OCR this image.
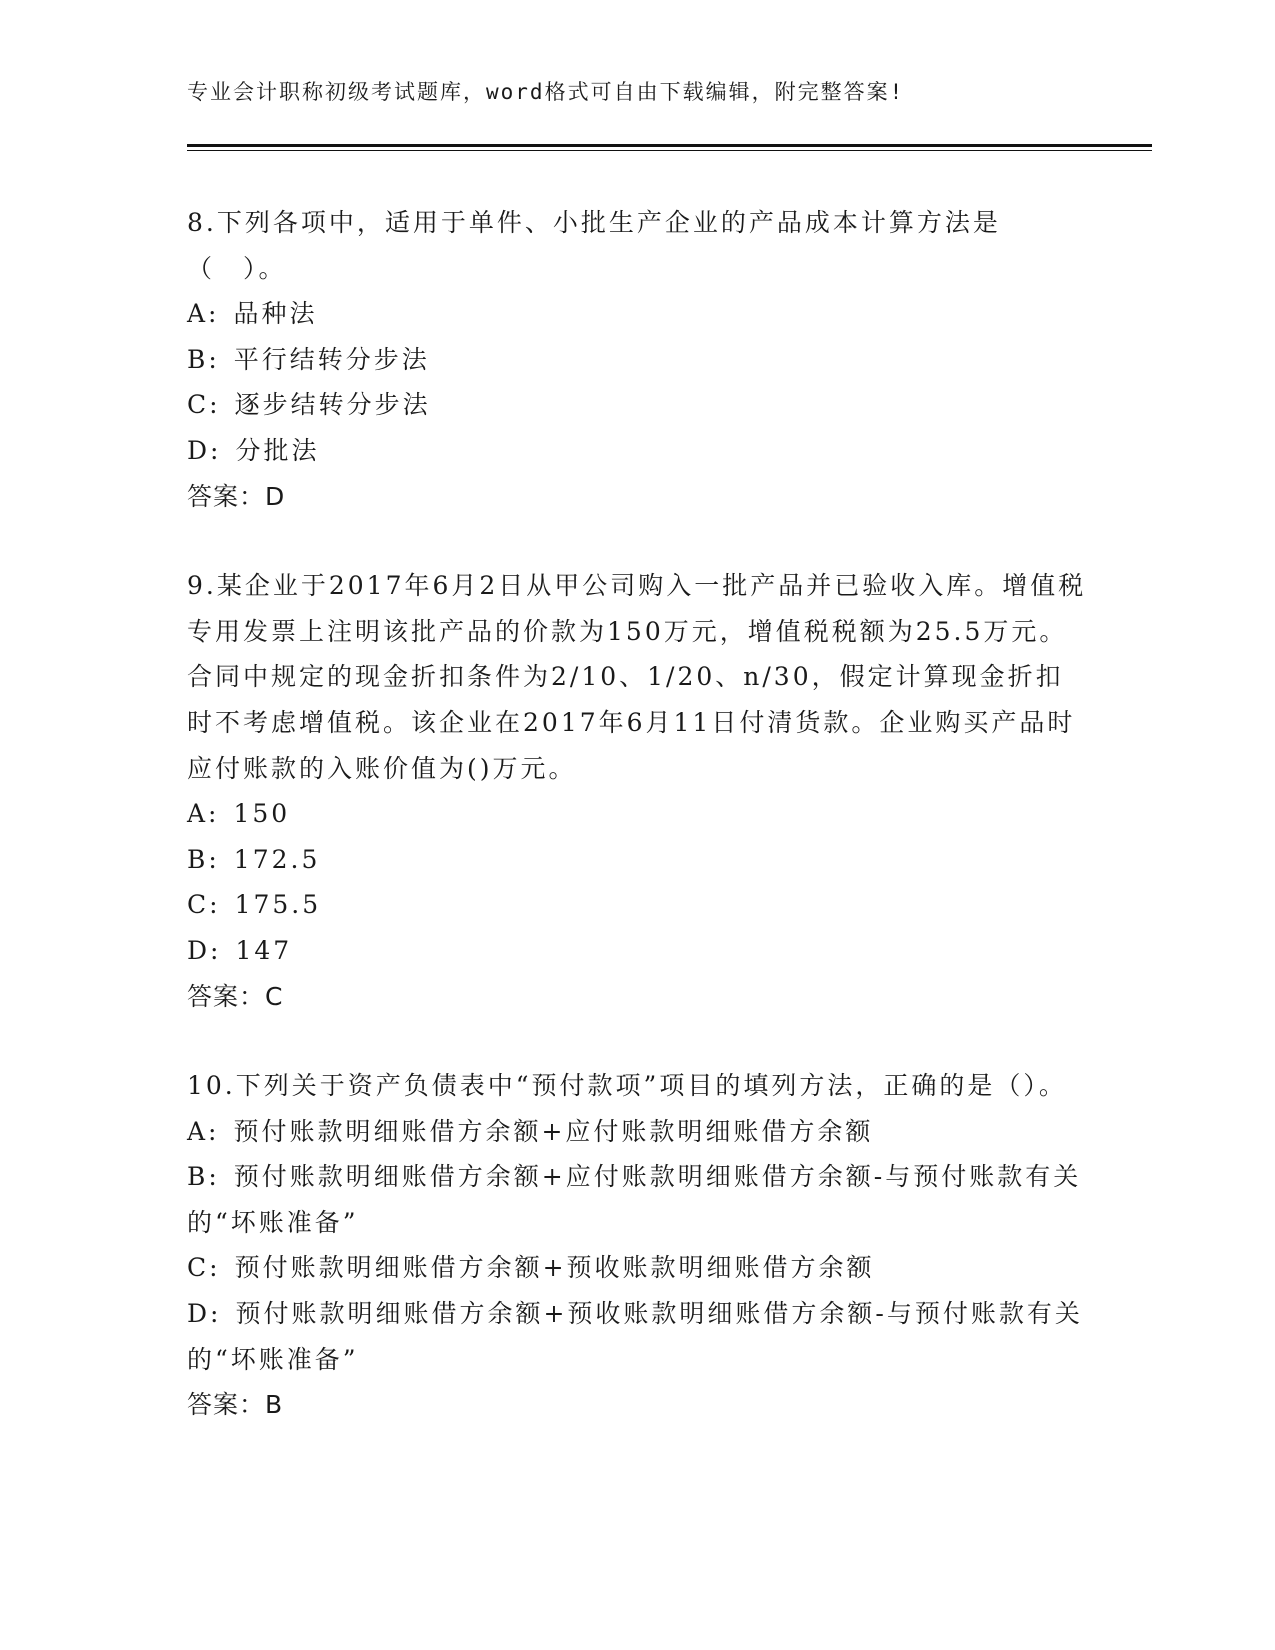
专业会计职称初级考试题库，word格式可自由下载编辑，附完整答案!

8.下列各项中，适用于单件、小批生产企业的产品成本计算方法是（　）。

A: 品种法

B: 平行结转分步法

C: 逐步结转分步法

D: 分批法

答案：D

9.某企业于2017年6月2日从甲公司购入一批产品并已验收入库。增值税专用发票上注明该批产品的价款为150万元，增值税税额为25.5万元。合同中规定的现金折扣条件为2/10、1/20、n/30，假定计算现金折扣时不考虑增值税。该企业在2017年6月11日付清货款。企业购买产品时应付账款的入账价值为()万元。

A: 150

B: 172.5

C: 175.5

D: 147

答案：C

10.下列关于资产负债表中“预付款项”项目的填列方法，正确的是（）。

A: 预付账款明细账借方余额+应付账款明细账借方余额

B: 预付账款明细账借方余额+应付账款明细账借方余额-与预付账款有关的“坏账准备”

C: 预付账款明细账借方余额+预收账款明细账借方余额

D: 预付账款明细账借方余额+预收账款明细账借方余额-与预付账款有关的“坏账准备”

答案：B
